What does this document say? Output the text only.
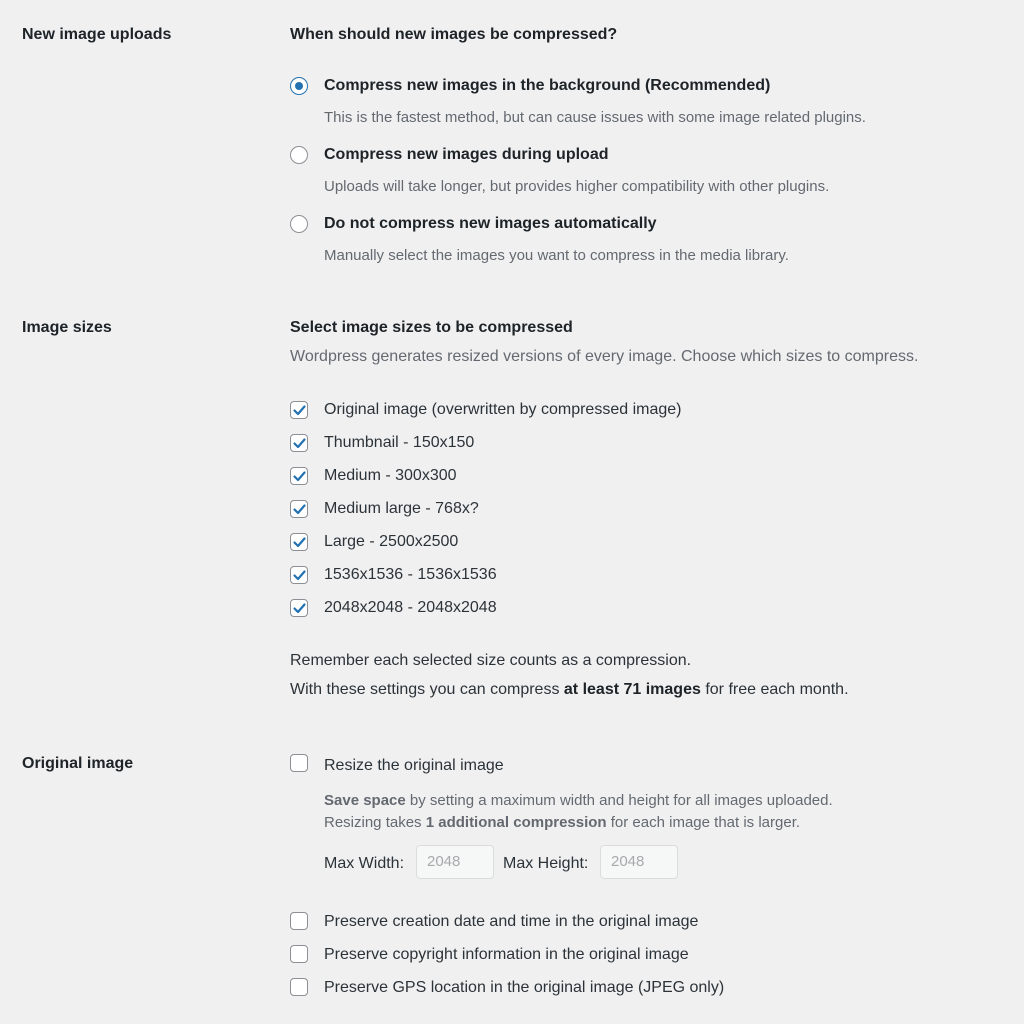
New image uploads	When should new images be compressed?
Compress new images in the background (Recommended)
This is the fastest method, but can cause issues with some image related plugins.
Compress new images during upload
Uploads will take longer, but provides higher compatibility with other plugins.
Do not compress new images automatically
Manually select the images you want to compress in the media library.
Image sizes	Select image sizes to be compressed
Wordpress generates resized versions of every image. Choose which sizes to compress.
Original image (overwritten by compressed image)
Thumbnail - 150x150
Medium - 300x300
Medium large - 768x?
Large - 2500x2500
1536x1536 - 1536x1536
2048x2048 - 2048x2048
Remember each selected size counts as a compression.
With these settings you can compress at least 71 images for free each month.
Original image	Resize the original image
Save space by setting a maximum width and height for all images uploaded.
Resizing takes 1 additional compression for each image that is larger.
Max Width:	2048	Max Height:	2048
Preserve creation date and time in the original image
Preserve copyright information in the original image
Preserve GPS location in the original image (JPEG only)
